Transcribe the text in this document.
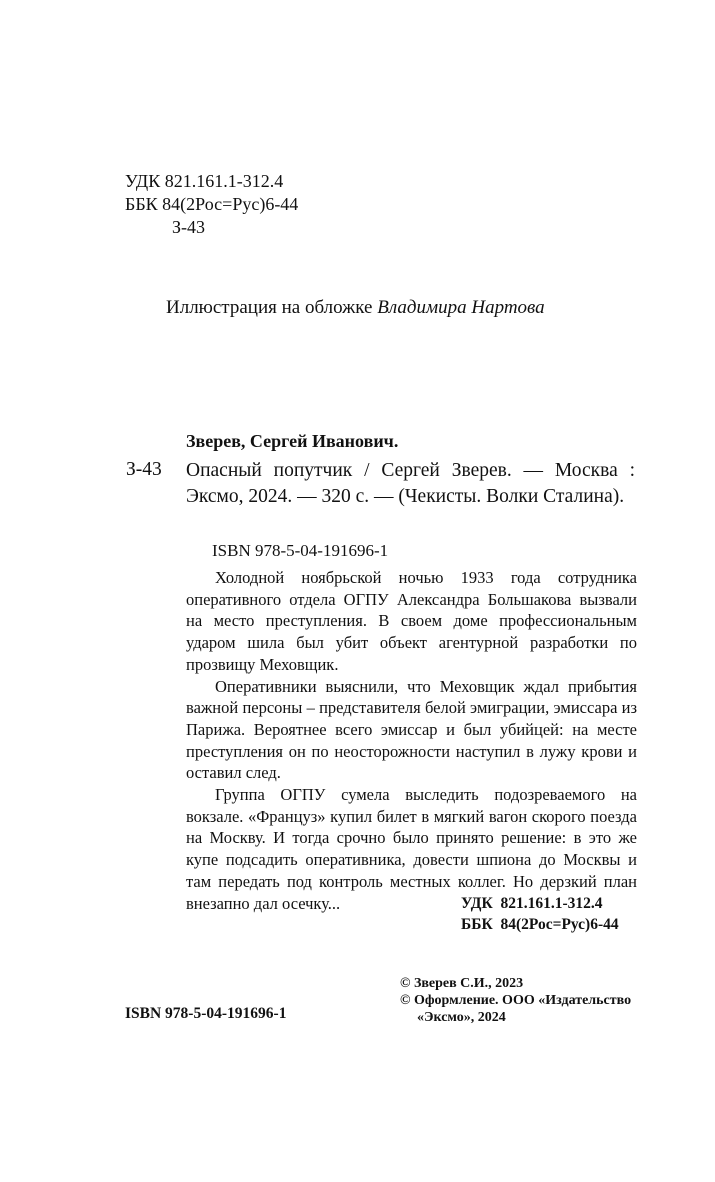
УДК 821.161.1-312.4
ББК 84(2Рос=Рус)6-44
З-43
Иллюстрация на обложке Владимира Нартова
Зверев, Сергей Иванович.
З-43 Опасный попутчик / Сергей Зверев. — Москва : Эксмо, 2024. — 320 с. — (Чекисты. Волки Сталина).
ISBN 978-5-04-191696-1

Холодной ноябрьской ночью 1933 года сотрудника оперативного отдела ОГПУ Александра Большакова вызвали на место преступления. В своем доме профессиональным ударом шила был убит объект агентурной разработки по прозвищу Меховщик.

Оперативники выяснили, что Меховщик ждал прибытия важной персоны – представителя белой эмиграции, эмиссара из Парижа. Вероятнее всего эмиссар и был убийцей: на месте преступления он по неосторожности наступил в лужу крови и оставил след.

Группа ОГПУ сумела выследить подозреваемого на вокзале. «Француз» купил билет в мягкий вагон скорого поезда на Москву. И тогда срочно было принято решение: в это же купе подсадить оперативника, довести шпиона до Москвы и там передать под контроль местных коллег. Но дерзкий план внезапно дал осечку...	УДК  821.161.1-312.4
ББК  84(2Рос=Рус)6-44
© Зверев С.И., 2023
© Оформление. ООО «Издательство
«Эксмо», 2024
ISBN 978-5-04-191696-1
